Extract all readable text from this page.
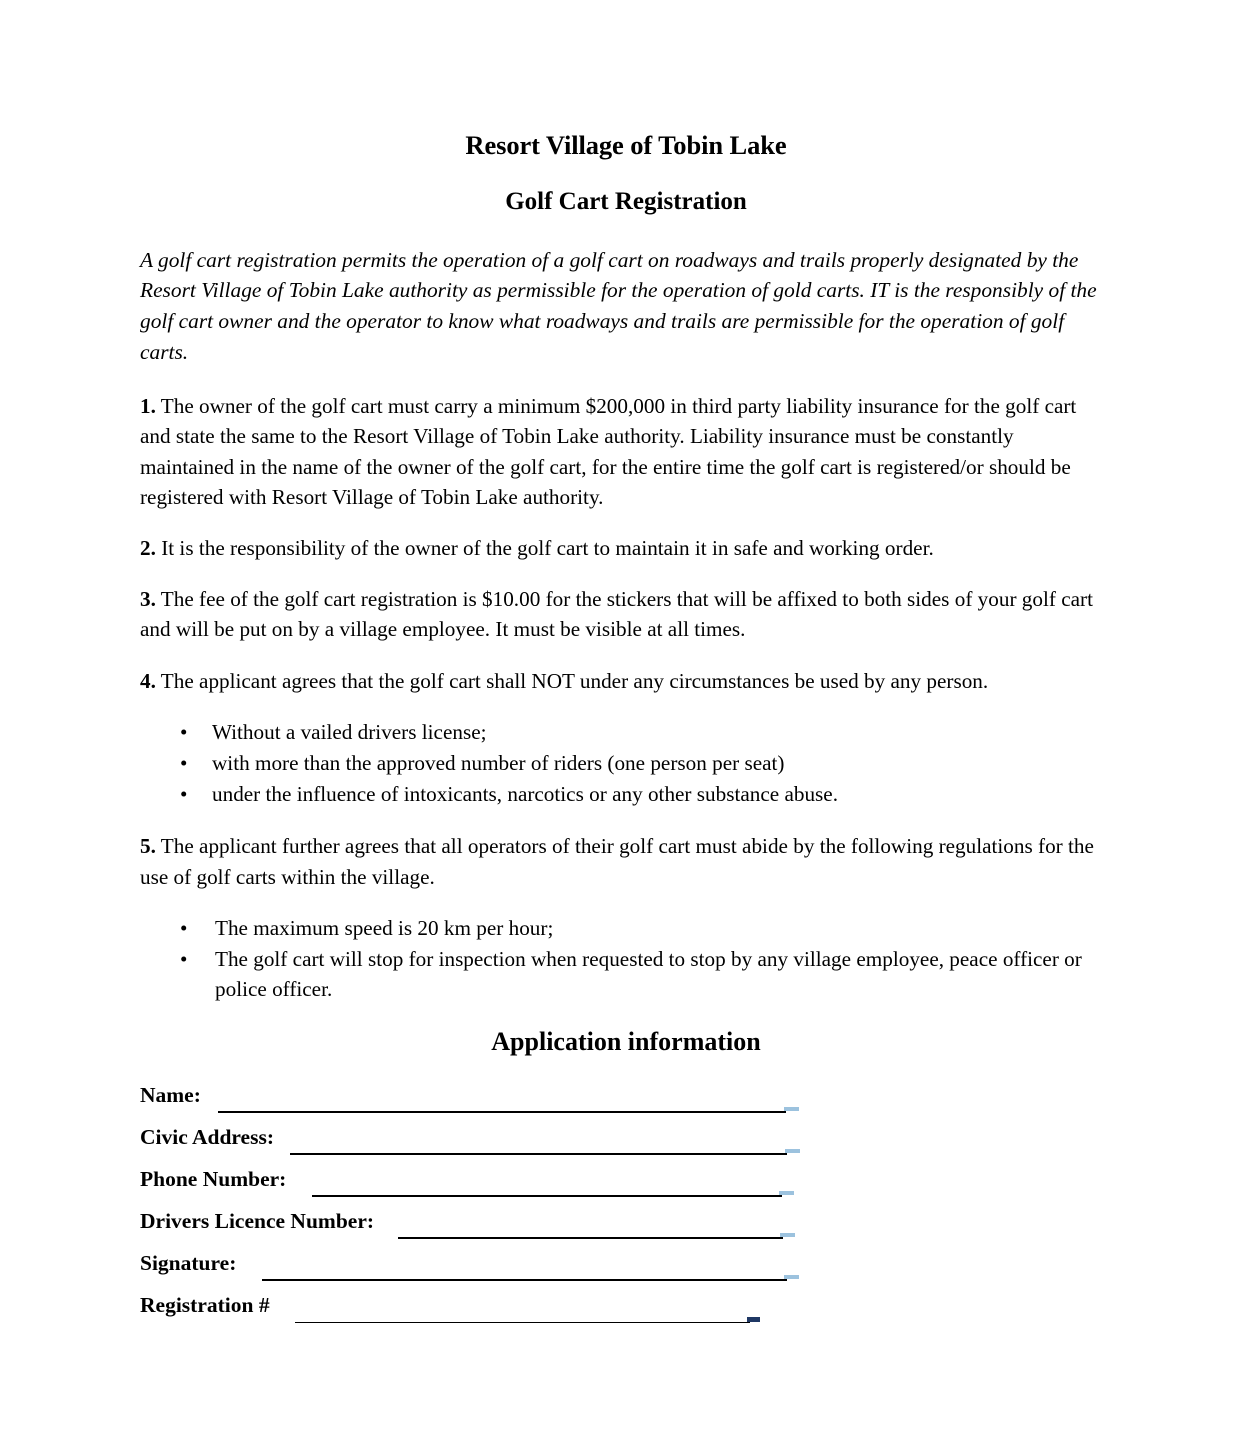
Resort Village of Tobin Lake
Golf Cart Registration

A golf cart registration permits the operation of a golf cart on roadways and trails properly designated by the Resort Village of Tobin Lake authority as permissible for the operation of gold carts. IT is the responsibly of the golf cart owner and the operator to know what roadways and trails are permissible for the operation of golf carts.

1. The owner of the golf cart must carry a minimum $200,000 in third party liability insurance for the golf cart and state the same to the Resort Village of Tobin Lake authority. Liability insurance must be constantly maintained in the name of the owner of the golf cart, for the entire time the golf cart is registered/or should be registered with Resort Village of Tobin Lake authority.

2. It is the responsibility of the owner of the golf cart to maintain it in safe and working order.

3. The fee of the golf cart registration is $10.00 for the stickers that will be affixed to both sides of your golf cart and will be put on by a village employee. It must be visible at all times.

4. The applicant agrees that the golf cart shall NOT under any circumstances be used by any person.

• Without a vailed drivers license;
• with more than the approved number of riders (one person per seat)
• under the influence of intoxicants, narcotics or any other substance abuse.

5. The applicant further agrees that all operators of their golf cart must abide by the following regulations for the use of golf carts within the village.

• The maximum speed is 20 km per hour;
• The golf cart will stop for inspection when requested to stop by any village employee, peace officer or police officer.
Application information
Name:
Civic Address:
Phone Number:
Drivers Licence Number:
Signature:
Registration #
